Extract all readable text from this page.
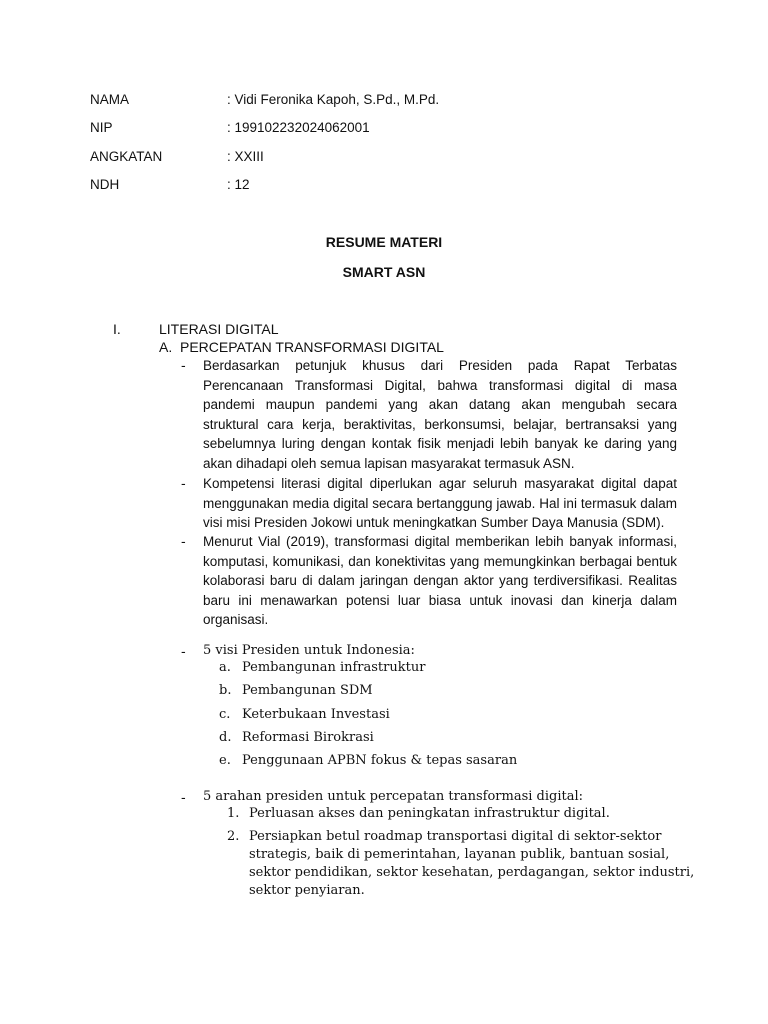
NAMA	: Vidi Feronika Kapoh, S.Pd., M.Pd.
NIP	: 199102232024062001
ANGKATAN	: XXIII
NDH	: 12
RESUME MATERI
SMART ASN
I.	LITERASI DIGITAL
A. PERCEPATAN TRANSFORMASI DIGITAL
- Berdasarkan petunjuk khusus dari Presiden pada Rapat Terbatas Perencanaan Transformasi Digital, bahwa transformasi digital di masa pandemi maupun pandemi yang akan datang akan mengubah secara struktural cara kerja, beraktivitas, berkonsumsi, belajar, bertransaksi yang sebelumnya luring dengan kontak fisik menjadi lebih banyak ke daring yang akan dihadapi oleh semua lapisan masyarakat termasuk ASN.
- Kompetensi literasi digital diperlukan agar seluruh masyarakat digital dapat menggunakan media digital secara bertanggung jawab. Hal ini termasuk dalam visi misi Presiden Jokowi untuk meningkatkan Sumber Daya Manusia (SDM).
- Menurut Vial (2019), transformasi digital memberikan lebih banyak informasi, komputasi, komunikasi, dan konektivitas yang memungkinkan berbagai bentuk kolaborasi baru di dalam jaringan dengan aktor yang terdiversifikasi. Realitas baru ini menawarkan potensi luar biasa untuk inovasi dan kinerja dalam organisasi.
- 5 visi Presiden untuk Indonesia:
a. Pembangunan infrastruktur
b. Pembangunan SDM
c. Keterbukaan Investasi
d. Reformasi Birokrasi
e. Penggunaan APBN fokus & tepas sasaran
- 5 arahan presiden untuk percepatan transformasi digital:
1. Perluasan akses dan peningkatan infrastruktur digital.
2. Persiapkan betul roadmap transportasi digital di sektor-sektor
strategis, baik di pemerintahan, layanan publik, bantuan sosial,
sektor pendidikan, sektor kesehatan, perdagangan, sektor industri,
sektor penyiaran.
